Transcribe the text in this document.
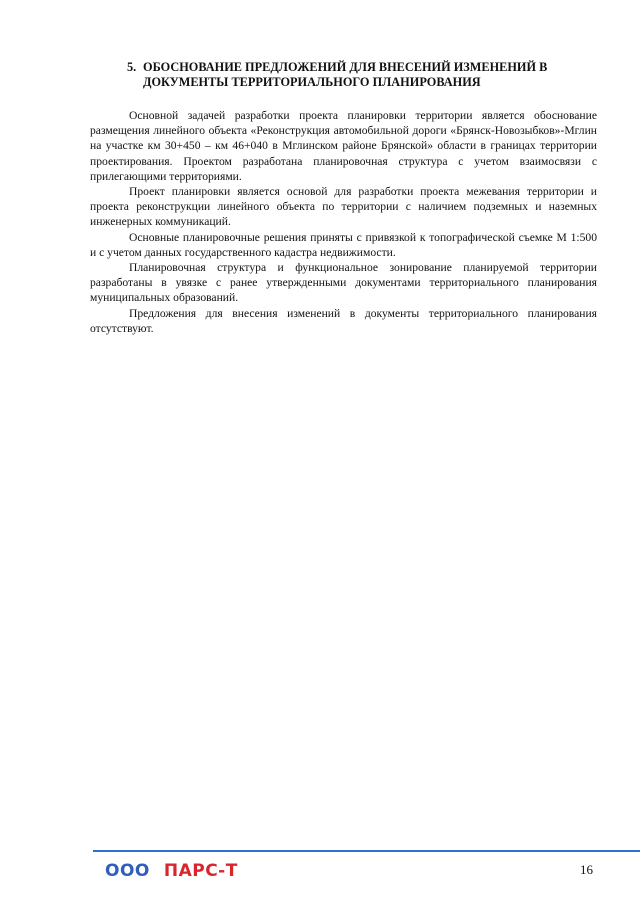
5. ОБОСНОВАНИЕ ПРЕДЛОЖЕНИЙ ДЛЯ ВНЕСЕНИЙ ИЗМЕНЕНИЙ В ДОКУМЕНТЫ ТЕРРИТОРИАЛЬНОГО ПЛАНИРОВАНИЯ

Основной задачей разработки проекта планировки территории является обоснование размещения линейного объекта «Реконструкция автомобильной дороги «Брянск-Новозыбков»-Мглин на участке км 30+450 – км 46+040 в Мглинском районе Брянской» области в границах территории проектирования. Проектом разработана планировочная структура с учетом взаимосвязи с прилегающими территориями.

Проект планировки является основой для разработки проекта межевания территории и проекта реконструкции линейного объекта по территории с наличием подземных и наземных инженерных коммуникаций.

Основные планировочные решения приняты с привязкой к топографической съемке М 1:500 и с учетом данных государственного кадастра недвижимости.

Планировочная структура и функциональное зонирование планируемой территории разработаны в увязке с ранее утвержденными документами территориального планирования муниципальных образований.

Предложения для внесения изменений в документы территориального планирования отсутствуют.

ООО ПАРС-Т	16
